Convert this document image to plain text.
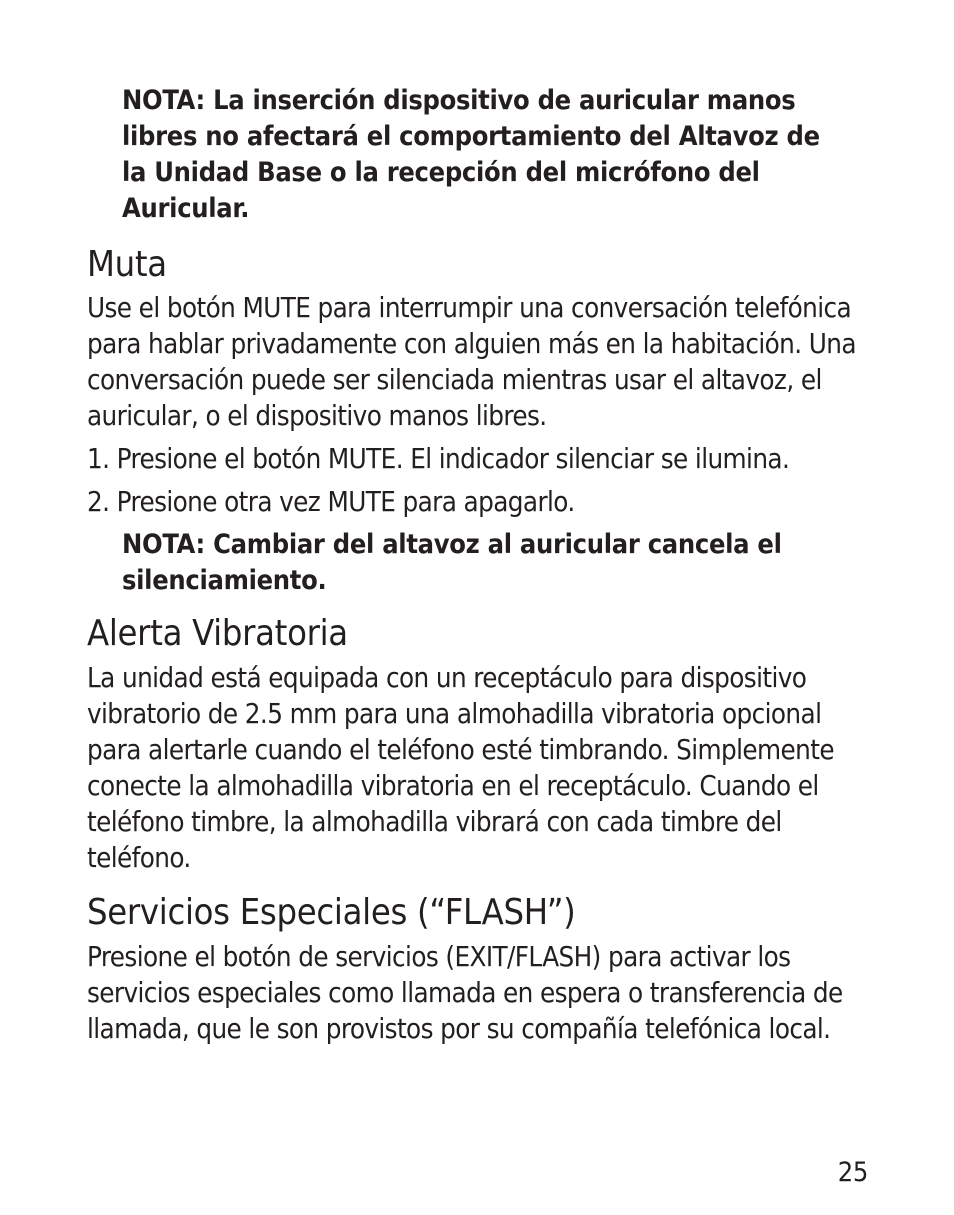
NOTA: La inserción dispositivo de auricular manos libres no afectará el comportamiento del Altavoz de la Unidad Base o la recepción del micrófono del Auricular.
Muta
Use el botón MUTE para interrumpir una conversación telefónica para hablar privadamente con alguien más en la habitación. Una conversación puede ser silenciada mientras usar el altavoz, el auricular, o el dispositivo manos libres.
1. Presione el botón MUTE. El indicador silenciar se ilumina.
2. Presione otra vez MUTE para apagarlo.
NOTA: Cambiar del altavoz al auricular cancela el silenciamiento.
Alerta Vibratoria
La unidad está equipada con un receptáculo para dispositivo vibratorio de 2.5 mm para una almohadilla vibratoria opcional para alertarle cuando el teléfono esté timbrando. Simplemente conecte la almohadilla vibratoria en el receptáculo. Cuando el teléfono timbre, la almohadilla vibrará con cada timbre del teléfono.
Servicios Especiales (“FLASH”)
Presione el botón de servicios (EXIT/FLASH) para activar los servicios especiales como llamada en espera o transferencia de llamada, que le son provistos por su compañía telefónica local.
25
